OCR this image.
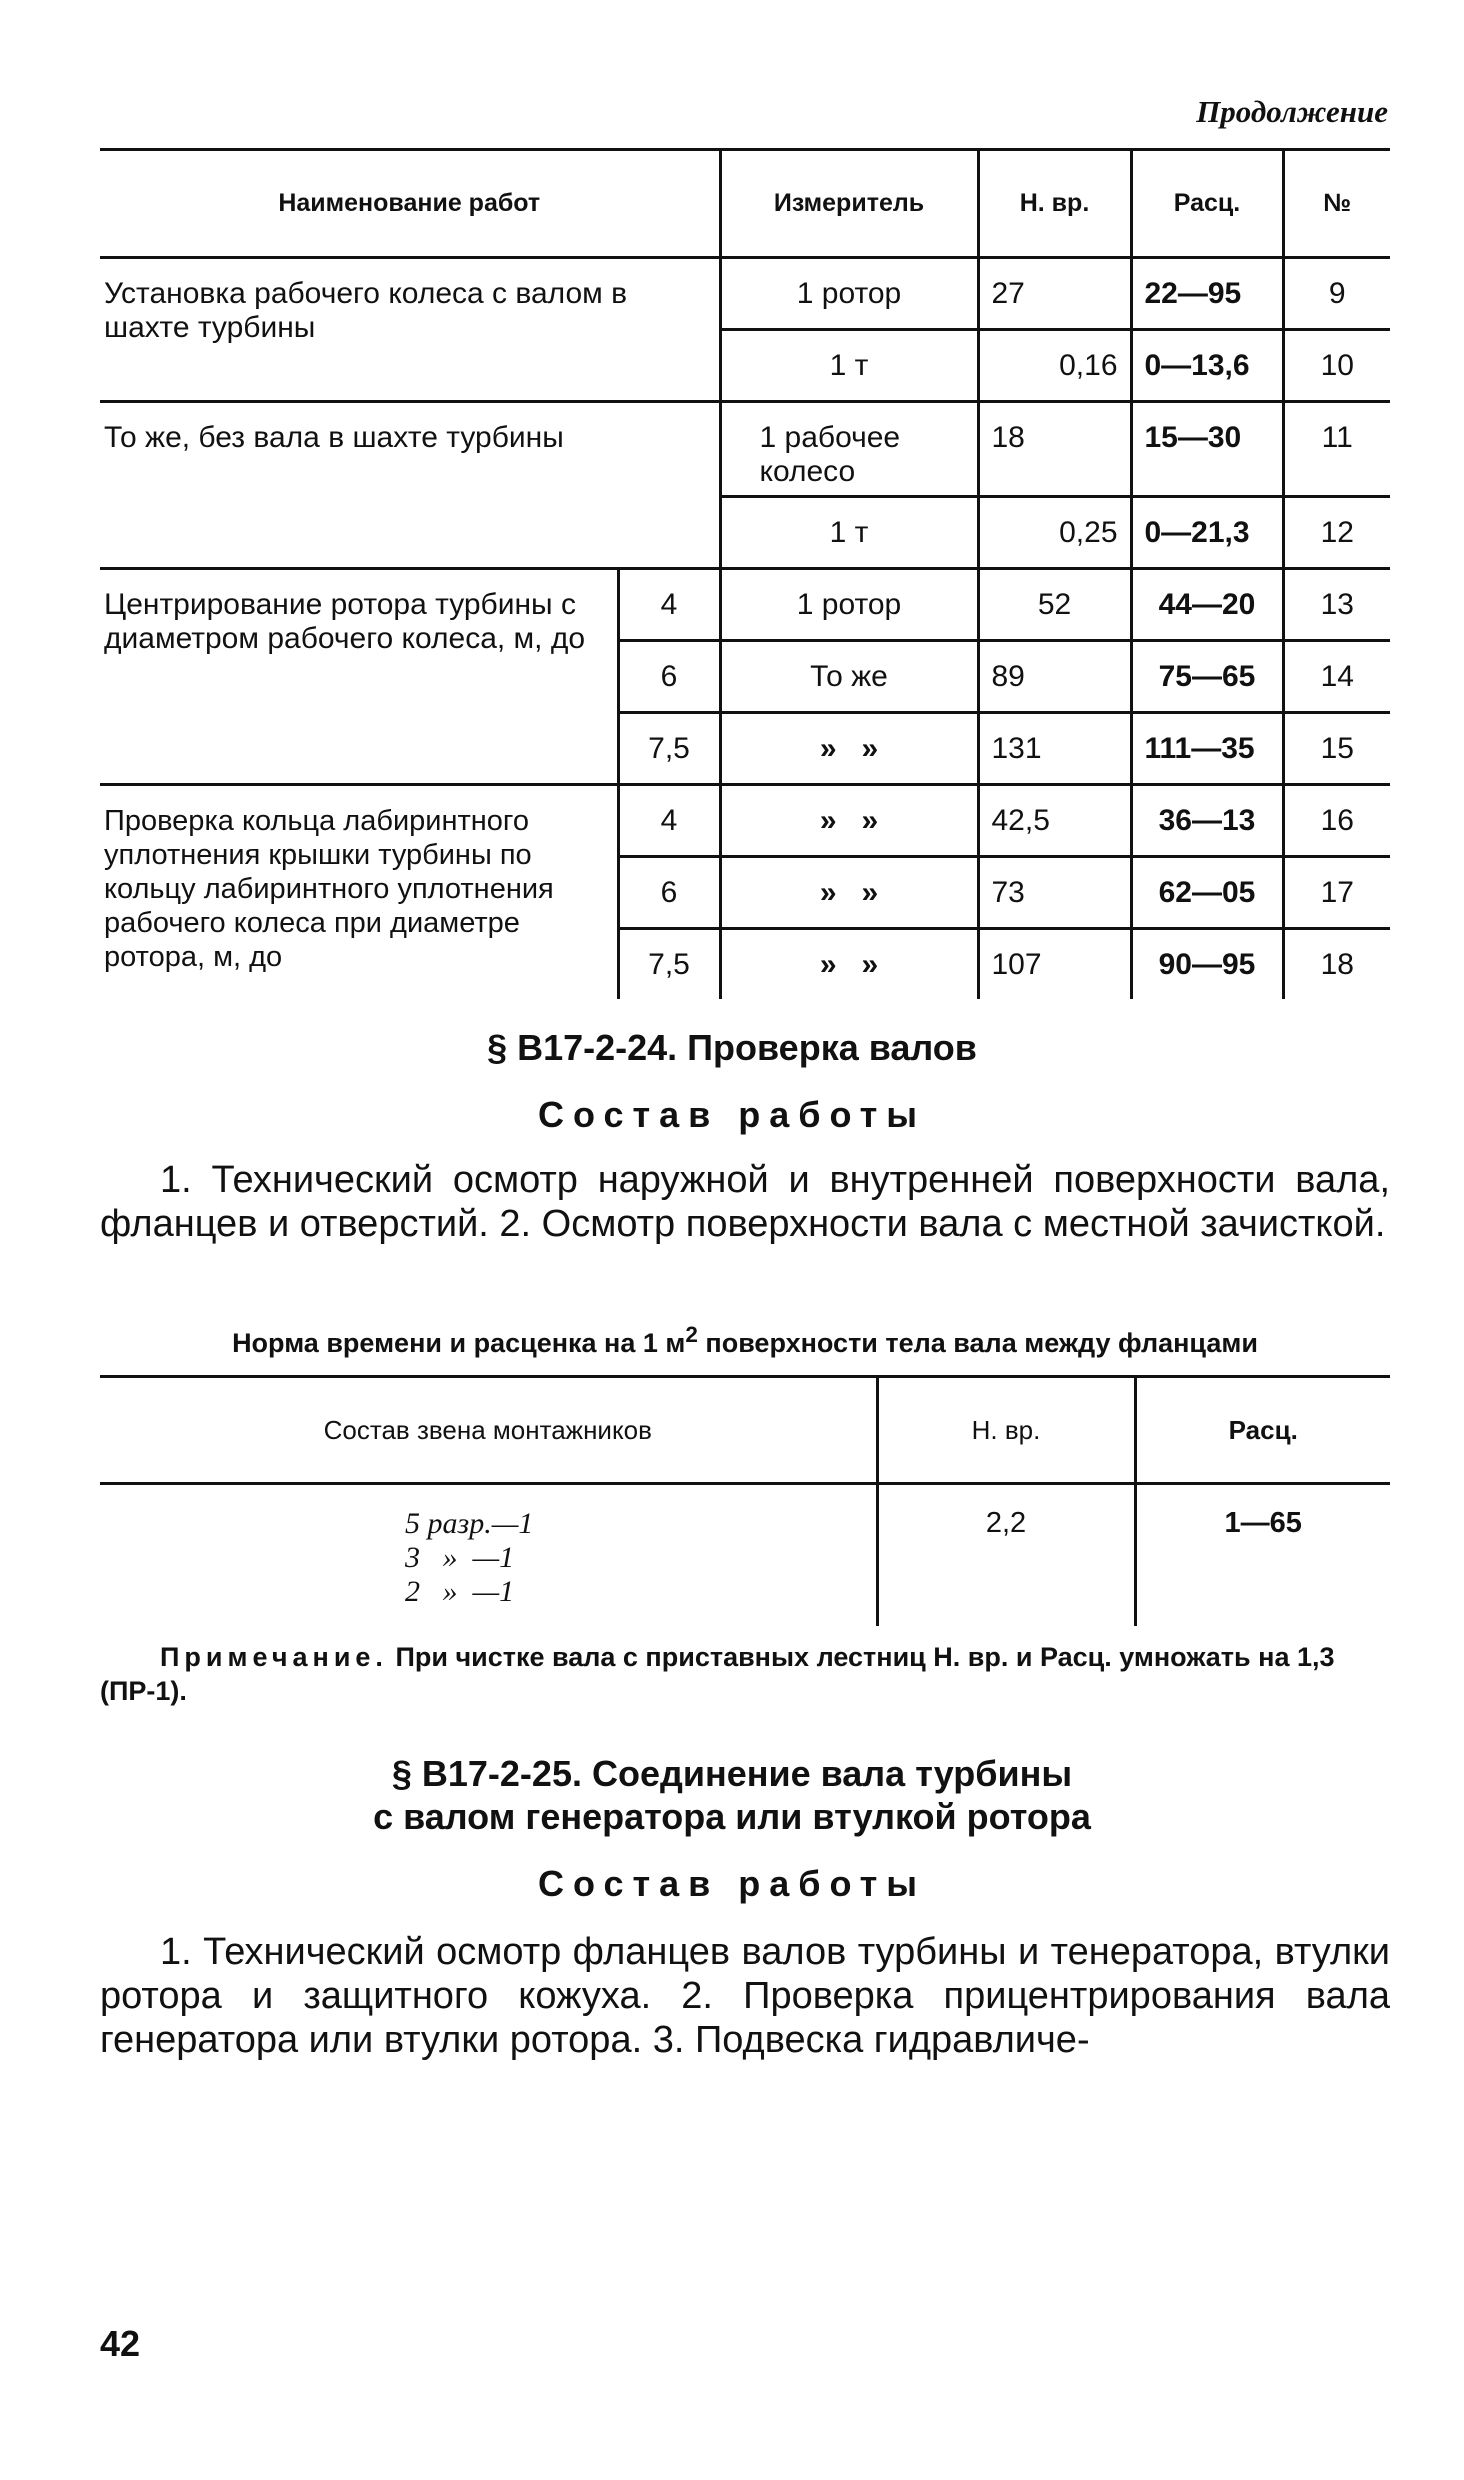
Продолжение
Наименование работ		Измеритель	Н. вр.	Расц.	№
Установка рабочего колеса с валом в шахте турбины		1 ротор	27	22—95	9
		1 т	0,16	0—13,6	10
То же, без вала в шахте турбины		1 рабочее колесо	18	15—30	11
		1 т	0,25	0—21,3	12
Центрирование ротора турбины с диаметром рабочего колеса, м, до	4	1 ротор	52	44—20	13
	6	То же	89	75—65	14
	7,5	»   »	131	111—35	15
Проверка кольца лабиринтного уплотнения крышки турбины по кольцу лабиринтного уплотнения рабочего колеса при диаметре ротора, м, до	4	»   »	42,5	36—13	16
	6	»   »	73	62—05	17
	7,5	»   »	107	90—95	18
§ В17-2-24. Проверка валов
Состав работы
1. Технический осмотр наружной и внутренней поверхности вала, фланцев и отверстий. 2. Осмотр поверхности вала с местной зачисткой.
Норма времени и расценка на 1 $м^2$ поверхности тела вала между фланцами
Состав звена монтажников	Н. вр.	Расц.

5 разр.—1
3   »  —1
2   »  —1	2,2	1—65
Примечание. При чистке вала с приставных лестниц Н. вр. и Расц. умножать на 1,3 (ПР-1).
§ В17-2-25. Соединение вала турбины
с валом генератора или втулкой ротора
Состав работы
1. Технический осмотр фланцев валов турбины и тенератора, втулки ротора и защитного кожуха. 2. Проверка прицентрирования вала генератора или втулки ротора. 3. Подвеска гидравличе-
42
